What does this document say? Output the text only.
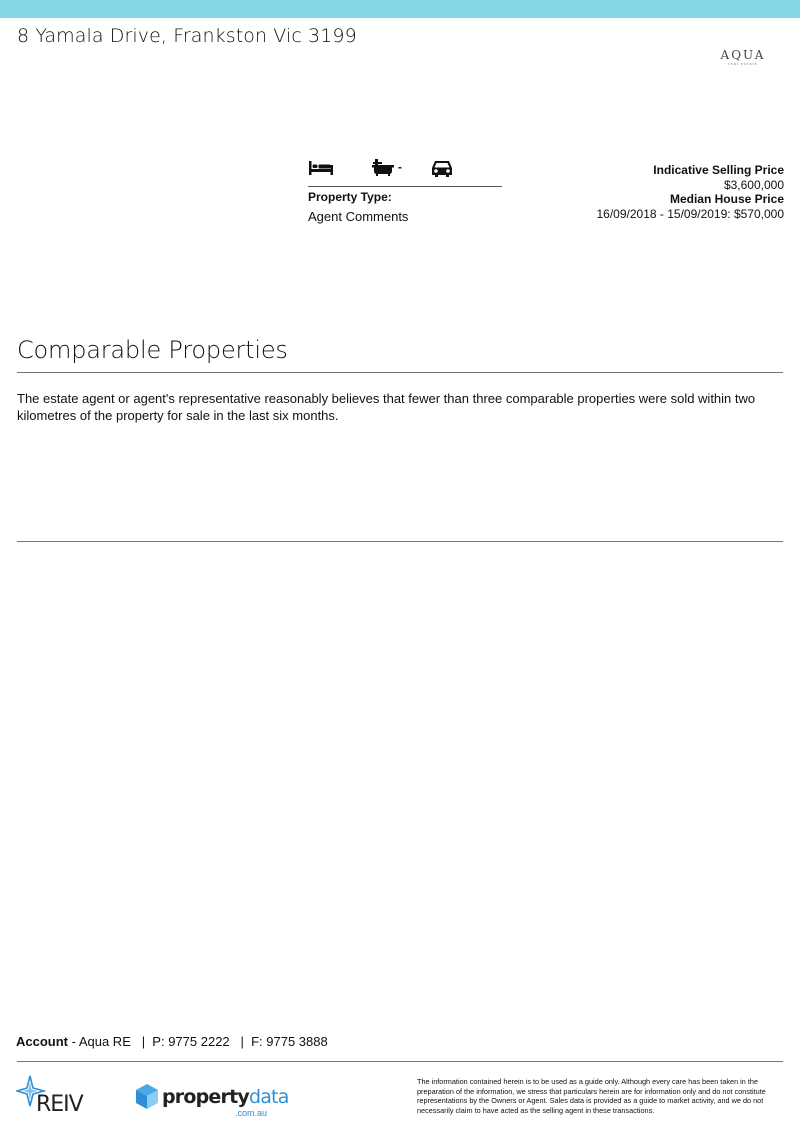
8 Yamala Drive, Frankston Vic 3199
AQUA
real estate
-
Property Type:
Agent Comments
Indicative Selling Price
$3,600,000
Median House Price
16/09/2018 - 15/09/2019: $570,000
Comparable Properties
The estate agent or agent's representative reasonably believes that fewer than three comparable properties were sold within two kilometres of the property for sale in the last six months.
Account - Aqua RE   |  P: 9775 2222   |  F: 9775 3888
REIV	propertydata
.com.au
The information contained herein is to be used as a guide only. Although every care has been taken in the preparation of the information, we stress that particulars herein are for information only and do not constitute representations by the Owners or Agent. Sales data is provided as a guide to market activity, and we do not necessarily claim to have acted as the selling agent in these transactions.
